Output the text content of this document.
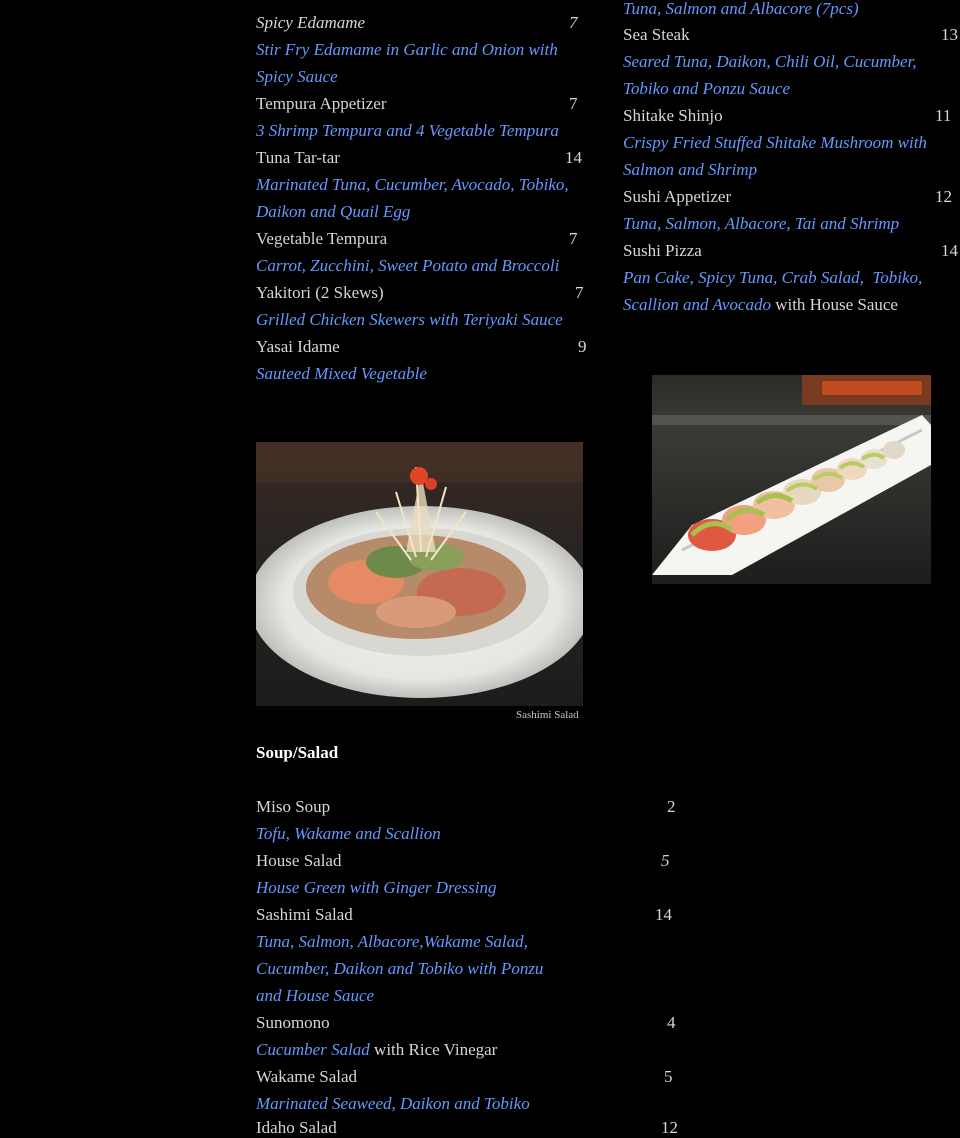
Spicy Edamame	7
Stir Fry Edamame in Garlic and Onion with
Spicy Sauce
Tempura Appetizer	7
3 Shrimp Tempura and 4 Vegetable Tempura
Tuna Tar-tar	14
Marinated Tuna, Cucumber, Avocado, Tobiko,
Daikon and Quail Egg
Vegetable Tempura	7
Carrot, Zucchini, Sweet Potato and Broccoli
Yakitori (2 Skews)	7
Grilled Chicken Skewers with Teriyaki Sauce
Yasai Idame	9
Sauteed Mixed Vegetable
Tuna, Salmon and Albacore (7pcs)
Sea Steak	13
Seared Tuna, Daikon, Chili Oil, Cucumber,
Tobiko and Ponzu Sauce
Shitake Shinjo	11
Crispy Fried Stuffed Shitake Mushroom with
Salmon and Shrimp
Sushi Appetizer	12
Tuna, Salmon, Albacore, Tai and Shrimp
Sushi Pizza	14
Pan Cake, Spicy Tuna, Crab Salad,  Tobiko,
Scallion and Avocado with House Sauce
Sashimi Salad
Soup/Salad
Miso Soup	2
Tofu, Wakame and Scallion
House Salad	5
House Green with Ginger Dressing
Sashimi Salad	14
Tuna, Salmon, Albacore,Wakame Salad,
Cucumber, Daikon and Tobiko with Ponzu
and House Sauce
Sunomono	4
Cucumber Salad with Rice Vinegar
Wakame Salad	5
Marinated Seaweed, Daikon and Tobiko
Idaho Salad	12
